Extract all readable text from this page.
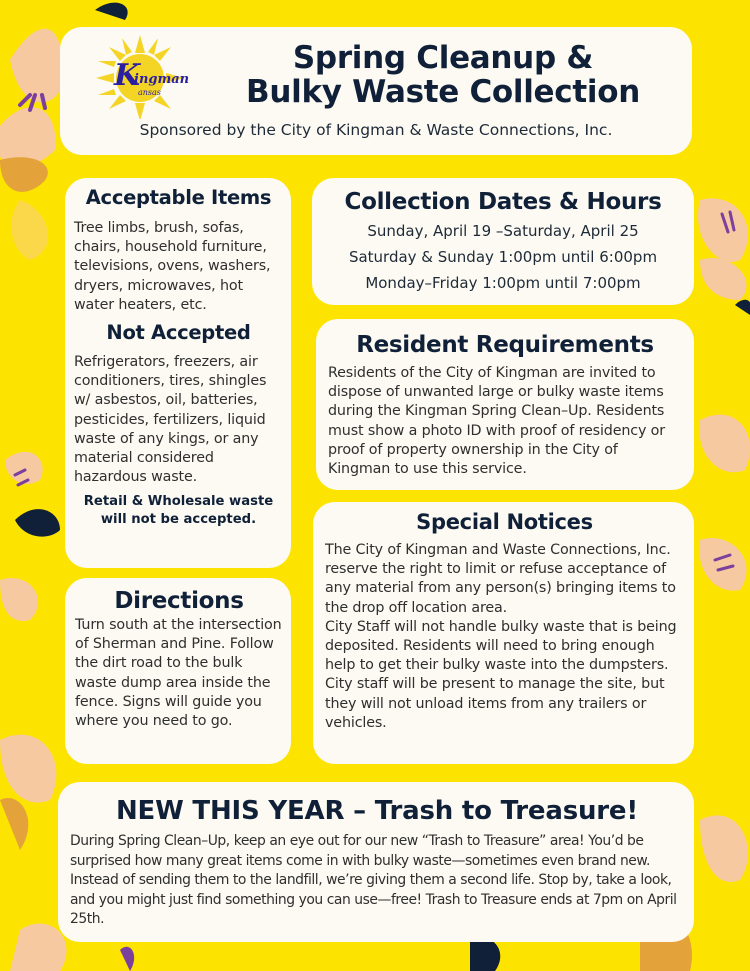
K
ingman
ansas
Spring Cleanup &
Bulky Waste Collection
Sponsored by the City of Kingman & Waste Connections, Inc.
Acceptable Items
Tree limbs, brush, sofas, chairs, household furniture, televisions, ovens, washers, dryers, microwaves, hot water heaters, etc.
Not Accepted
Refrigerators, freezers, air conditioners, tires, shingles w/ asbestos, oil, batteries, pesticides, fertilizers, liquid waste of any kings, or any material considered hazardous waste.
Retail & Wholesale waste
will not be accepted.
Collection Dates & Hours
Sunday, April 19 –Saturday, April 25
Saturday & Sunday 1:00pm until 6:00pm
Monday–Friday 1:00pm until 7:00pm
Resident Requirements
Residents of the City of Kingman are invited to dispose of unwanted large or bulky waste items during the Kingman Spring Clean–Up. Residents must show a photo ID with proof of residency or proof of property ownership in the City of Kingman to use this service.
Special Notices
The City of Kingman and Waste Connections, Inc. reserve the right to limit or refuse acceptance of any material from any person(s) bringing items to the drop off location area.
City Staff will not handle bulky waste that is being deposited. Residents will need to bring enough help to get their bulky waste into the dumpsters. City staff will be present to manage the site, but they will not unload items from any trailers or vehicles.
Directions
Turn south at the intersection of Sherman and Pine. Follow the dirt road to the bulk waste dump area inside the fence. Signs will guide you where you need to go.
NEW THIS YEAR – Trash to Treasure!
During Spring Clean–Up, keep an eye out for our new “Trash to Treasure” area! You’d be surprised how many great items come in with bulky waste—sometimes even brand new. Instead of sending them to the landfill, we’re giving them a second life. Stop by, take a look, and you might just find something you can use—free! Trash to Treasure ends at 7pm on April 25th.
